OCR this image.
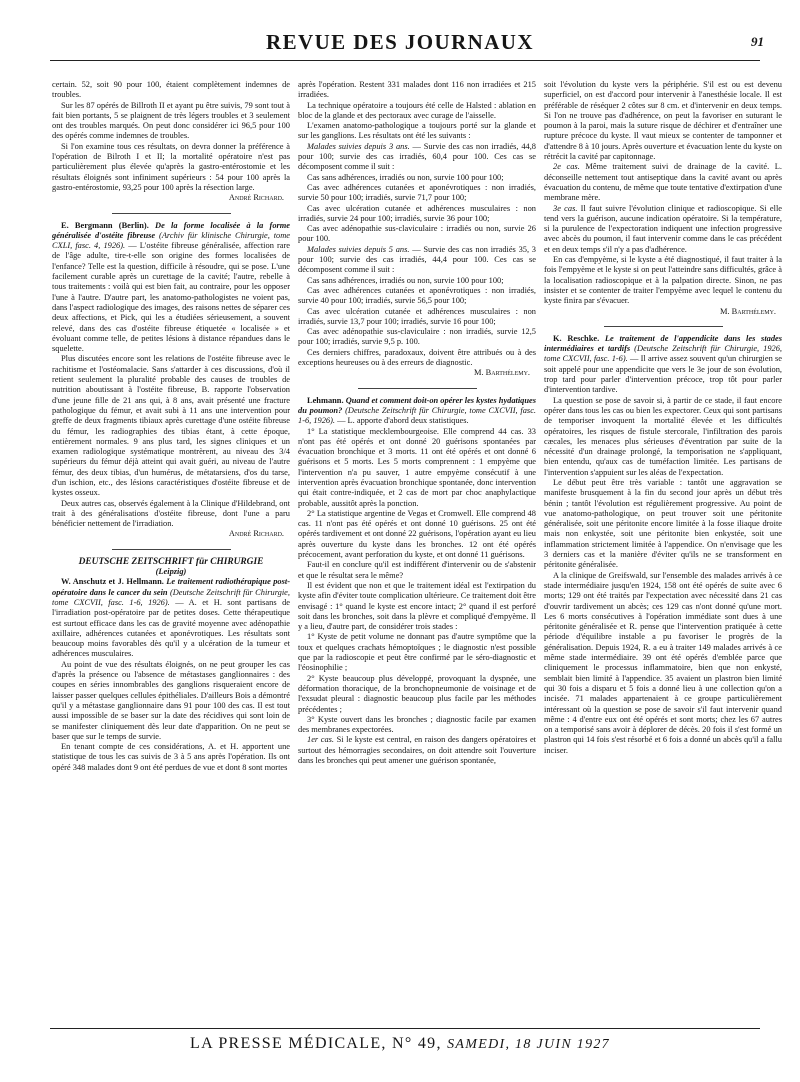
REVUE DES JOURNAUX	91

certain. 52, soit 90 pour 100, étaient complètement indemnes de troubles.

Sur les 87 opérés de Billroth II et ayant pu être suivis, 79 sont tout à fait bien portants, 5 se plaignent de très légers troubles et 3 seulement ont des troubles marqués. On peut donc considérer ici 96,5 pour 100 des opérés comme indemnes de troubles.

Si l'on examine tous ces résultats, on devra donner la préférence à l'opération de Bilroth I et II; la mortalité opératoire n'est pas particulièrement plus élevée qu'après la gastro-entérostomie et les résultats éloignés sont infiniment supérieurs : 54 pour 100 après la gastro-entérostomie, 93,25 pour 100 après la résection large.

André Richard.

E. Bergmann (Berlin). De la forme localisée à la forme généralisée d'ostéite fibreuse (Archiv für klinische Chirurgie, tome CXLI, fasc. 4, 1926). — L'ostéite fibreuse généralisée, affection rare de l'âge adulte, tire-t-elle son origine des formes localisées de l'enfance? Telle est la question, difficile à résoudre, qui se pose. L'une facilement curable après un curettage de la cavité; l'autre, rebelle à tous traitements : voilà qui est bien fait, au contraire, pour les opposer l'une à l'autre. D'autre part, les anatomo-pathologistes ne voient pas, dans l'aspect radiologique des images, des raisons nettes de séparer ces deux affections, et Pick, qui les a étudiées sérieusement, a souvent relevé, dans des cas d'ostéite fibreuse étiquetée « localisée » et évoluant comme telle, de petites lésions à distance répandues dans le squelette.

Plus discutées encore sont les relations de l'ostéite fibreuse avec le rachitisme et l'ostéomalacie. Sans s'attarder à ces discussions, d'où il retient seulement la pluralité probable des causes de troubles de nutrition aboutissant à l'ostéite fibreuse, B. rapporte l'observation d'une jeune fille de 21 ans qui, à 8 ans, avait présenté une fracture pathologique du fémur, et avait subi à 11 ans une intervention pour greffe de deux fragments tibiaux après curettage d'une ostéite fibreuse du fémur, les radiographies des tibias étant, à cette époque, entièrement normales. 9 ans plus tard, les signes cliniques et un examen radiologique systématique montrèrent, au niveau des 3/4 supérieurs du fémur déjà atteint qui avait guéri, au niveau de l'autre fémur, des deux tibias, d'un humérus, de métatarsiens, d'os du tarse, d'un ischion, etc., des lésions caractéristiques d'ostéite fibreuse et de kystes osseux.

Deux autres cas, observés également à la Clinique d'Hildebrand, ont trait à des généralisations d'ostéite fibreuse, dont l'une a paru bénéficier nettement de l'irradiation.

André Richard.

DEUTSCHE ZEITSCHRIFT für CHIRURGIE

(Leipzig)

W. Anschutz et J. Hellmann. Le traitement radiothérapique post-opératoire dans le cancer du sein (Deutsche Zeitschrift für Chirurgie, tome CXCVII, fasc. 1-6, 1926). — A. et H. sont partisans de l'irradiation post-opératoire par de petites doses. Cette thérapeutique est surtout efficace dans les cas de gravité moyenne avec adénopathie axillaire, adhérences cutanées et aponévrotiques. Les résultats sont beaucoup moins favorables dès qu'il y a ulcération de la tumeur et adhérences musculaires.

Au point de vue des résultats éloignés, on ne peut grouper les cas d'après la présence ou l'absence de métastases ganglionnaires : des coupes en séries innombrables des ganglions risqueraient encore de laisser passer quelques cellules épithéliales. D'ailleurs Bois a démontré qu'il y a métastase ganglionnaire dans 91 pour 100 des cas. Il est tout aussi impossible de se baser sur la date des récidives qui sont loin de se manifester cliniquement dès leur date d'apparition. On ne peut se baser que sur le temps de survie.

En tenant compte de ces considérations, A. et H. apportent une statistique de tous les cas suivis de 3 à 5 ans après l'opération. Ils ont opéré 348 malades dont 9 ont été perdues de vue et dont 8 sont mortes

après l'opération. Restent 331 malades dont 116 non irradiées et 215 irradiées.

La technique opératoire a toujours été celle de Halsted : ablation en bloc de la glande et des pectoraux avec curage de l'aisselle.

L'examen anatomo-pathologique a toujours porté sur la glande et sur les ganglions. Les résultats ont été les suivants :

Malades suivies depuis 3 ans. — Survie des cas non irradiés, 44,8 pour 100; survie des cas irradiés, 60,4 pour 100. Ces cas se décomposent comme il suit :

Cas sans adhérences, irradiés ou non, survie 100 pour 100;

Cas avec adhérences cutanées et aponévrotiques : non irradiés, survie 50 pour 100; irradiés, survie 71,7 pour 100;

Cas avec ulcération cutanée et adhérences musculaires : non irradiés, survie 24 pour 100; irradiés, survie 36 pour 100;

Cas avec adénopathie sus-claviculaire : irradiés ou non, survie 26 pour 100.

Malades suivies depuis 5 ans. — Survie des cas non irradiés 35, 3 pour 100; survie des cas irradiés, 44,4 pour 100. Ces cas se décomposent comme il suit :

Cas sans adhérences, irradiés ou non, survie 100 pour 100;

Cas avec adhérences cutanées et aponévrotiques : non irradiés, survie 40 pour 100; irradiés, survie 56,5 pour 100;

Cas avec ulcération cutanée et adhérences musculaires : non irradiés, survie 13,7 pour 100; irradiés, survie 16 pour 100;

Cas avec adénopathie sus-claviculaire : non irradiés, survie 12,5 pour 100; irradiés, survie 9,5 p. 100.

Ces derniers chiffres, paradoxaux, doivent être attribués ou à des exceptions heureuses ou à des erreurs de diagnostic.

M. Barthélemy.

Lehmann. Quand et comment doit-on opérer les kystes hydatiques du poumon? (Deutsche Zeitschrift für Chirurgie, tome CXCVII, fasc. 1-6, 1926). — L. apporte d'abord deux statistiques.

1° La statistique mecklembourgeoise. Elle comprend 44 cas. 33 n'ont pas été opérés et ont donné 20 guérisons spontanées par évacuation bronchique et 3 morts. 11 ont été opérés et ont donné 6 guérisons et 5 morts. Les 5 morts comprennent : 1 empyème que l'intervention n'a pu sauver, 1 autre empyème consécutif à une intervention après évacuation bronchique spontanée, donc intervention qui était contre-indiquée, et 2 cas de mort par choc anaphylactique probable, aussitôt après la ponction.

2° La statistique argentine de Vegas et Cromwell. Elle comprend 48 cas. 11 n'ont pas été opérés et ont donné 10 guérisons. 25 ont été opérés tardivement et ont donné 22 guérisons, l'opération ayant eu lieu après ouverture du kyste dans les bronches. 12 ont été opérés précocement, avant perforation du kyste, et ont donné 11 guérisons.

Faut-il en conclure qu'il est indifférent d'intervenir ou de s'abstenir et que le résultat sera le même?

Il est évident que non et que le traitement idéal est l'extirpation du kyste afin d'éviter toute complication ultérieure. Ce traitement doit être envisagé : 1° quand le kyste est encore intact; 2° quand il est perforé soit dans les bronches, soit dans la plèvre et compliqué d'empyème. Il y a lieu, d'autre part, de considérer trois stades :

1° Kyste de petit volume ne donnant pas d'autre symptôme que la toux et quelques crachats hémoptoïques ; le diagnostic n'est possible que par la radioscopie et peut être confirmé par le séro-diagnostic et l'éosinophilie ;

2° Kyste beaucoup plus développé, provoquant la dyspnée, une déformation thoracique, de la bronchopneumonie de voisinage et de l'exsudat pleural : diagnostic beaucoup plus facile par les méthodes précédentes ;

3° Kyste ouvert dans les bronches ; diagnostic facile par examen des membranes expectorées.

1er cas. Si le kyste est central, en raison des dangers opératoires et surtout des hémorragies secondaires, on doit attendre soit l'ouverture dans les bronches qui peut amener une guérison spontanée,

soit l'évolution du kyste vers la périphérie. S'il est ou est devenu superficiel, on est d'accord pour intervenir à l'anesthésie locale. Il est préférable de réséquer 2 côtes sur 8 cm. et d'intervenir en deux temps. Si l'on ne trouve pas d'adhérence, on peut la favoriser en suturant le poumon à la paroi, mais la suture risque de déchirer et d'entraîner une rupture précoce du kyste. Il vaut mieux se contenter de tamponner et d'attendre 8 à 10 jours. Après ouverture et évacuation lente du kyste on rétrécit la cavité par capitonnage.

2e cas. Même traitement suivi de drainage de la cavité. L. déconseille nettement tout antiseptique dans la cavité avant ou après évacuation du contenu, de même que toute tentative d'extirpation d'une membrane mère.

3e cas. Il faut suivre l'évolution clinique et radioscopique. Si elle tend vers la guérison, aucune indication opératoire. Si la température, si la purulence de l'expectoration indiquent une infection progressive avec abcès du poumon, il faut intervenir comme dans le cas précédent et en deux temps s'il n'y a pas d'adhérence.

En cas d'empyème, si le kyste a été diagnostiqué, il faut traiter à la fois l'empyème et le kyste si on peut l'atteindre sans difficultés, grâce à la localisation radioscopique et à la palpation directe. Sinon, ne pas insister et se contenter de traiter l'empyème avec lequel le contenu du kyste finira par s'évacuer.

M. Barthélemy.

K. Reschke. Le traitement de l'appendicite dans les stades intermédiaires et tardifs (Deutsche Zeitschrift für Chirurgie, 1926, tome CXCVII, fasc. 1-6). — Il arrive assez souvent qu'un chirurgien se soit appelé pour une appendicite que vers le 3e jour de son évolution, trop tard pour parler d'intervention précoce, trop tôt pour parler d'intervention tardive.

La question se pose de savoir si, à partir de ce stade, il faut encore opérer dans tous les cas ou bien les expectorer. Ceux qui sont partisans de temporiser invoquent la mortalité élevée et les difficultés opératoires, les risques de fistule stercorale, l'infiltration des parois cæcales, les menaces plus sérieuses d'éventration par suite de la nécessité d'un drainage prolongé, la temporisation ne s'appliquant, bien entendu, qu'aux cas de tuméfaction limitée. Les partisans de l'intervention s'appuient sur les aléas de l'expectation.

Le début peut être très variable : tantôt une aggravation se manifeste brusquement à la fin du second jour après un début très bénin ; tantôt l'évolution est régulièrement progressive. Au point de vue anatomo-pathologique, on peut trouver soit une péritonite généralisée, soit une péritonite encore limitée à la fosse iliaque droite mais non enkystée, soit une péritonite bien enkystée, soit une inflammation strictement limitée à l'appendice. On n'envisage que les 3 derniers cas et la manière d'éviter qu'ils ne se transforment en péritonite généralisée.

A la clinique de Greifswald, sur l'ensemble des malades arrivés à ce stade intermédiaire jusqu'en 1924, 158 ont été opérés de suite avec 6 morts; 129 ont été traités par l'expectation avec nécessité dans 21 cas d'ouvrir tardivement un abcès; ces 129 cas n'ont donné qu'une mort. Les 6 morts consécutives à l'opération immédiate sont dues à une péritonite généralisée et R. pense que l'intervention pratiquée à cette période d'équilibre instable a pu favoriser le progrès de la généralisation. Depuis 1924, R. a eu à traiter 149 malades arrivés à ce même stade intermédiaire. 39 ont été opérés d'emblée parce que cliniquement le processus inflammatoire, bien que non enkysté, semblait bien limité à l'appendice. 35 avaient un plastron bien limité qui 30 fois a disparu et 5 fois a donné lieu à une collection qu'on a incisée. 71 malades appartenaient à ce groupe particulièrement intéressant où la question se pose de savoir s'il faut intervenir quand même : 4 d'entre eux ont été opérés et sont morts; chez les 67 autres on a temporisé sans avoir à déplorer de décès. 20 fois il s'est formé un plastron qui 14 fois s'est résorbé et 6 fois a donné un abcès qu'il a fallu inciser.

LA PRESSE MÉDICALE, N° 49, SAMEDI, 18 JUIN 1927
